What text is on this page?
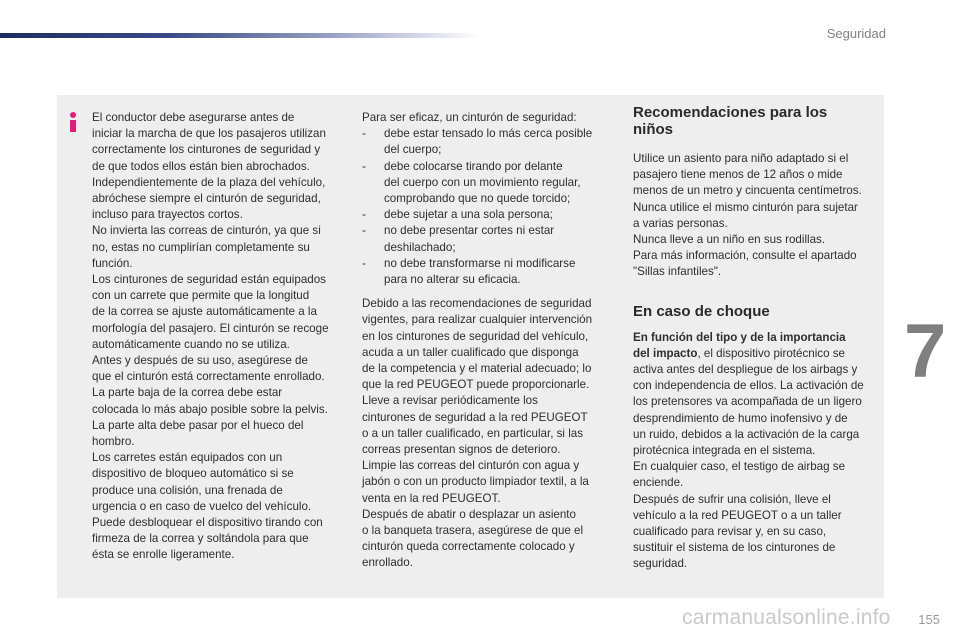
Seguridad
El conductor debe asegurarse antes de
iniciar la marcha de que los pasajeros utilizan
correctamente los cinturones de seguridad y
de que todos ellos están bien abrochados.
Independientemente de la plaza del vehículo,
abróchese siempre el cinturón de seguridad,
incluso para trayectos cortos.
No invierta las correas de cinturón, ya que si
no, estas no cumplirían completamente su
función.
Los cinturones de seguridad están equipados
con un carrete que permite que la longitud
de la correa se ajuste automáticamente a la
morfología del pasajero. El cinturón se recoge
automáticamente cuando no se utiliza.
Antes y después de su uso, asegúrese de
que el cinturón está correctamente enrollado.
La parte baja de la correa debe estar
colocada lo más abajo posible sobre la pelvis.
La parte alta debe pasar por el hueco del
hombro.
Los carretes están equipados con un
dispositivo de bloqueo automático si se
produce una colisión, una frenada de
urgencia o en caso de vuelco del vehículo.
Puede desbloquear el dispositivo tirando con
firmeza de la correa y soltándola para que
ésta se enrolle ligeramente.
Para ser eficaz, un cinturón de seguridad:
-	debe estar tensado lo más cerca posible
del cuerpo;
-	debe colocarse tirando por delante
del cuerpo con un movimiento regular,
comprobando que no quede torcido;
-	debe sujetar a una sola persona;
-	no debe presentar cortes ni estar
deshilachado;
-	no debe transformarse ni modificarse
para no alterar su eficacia.
Debido a las recomendaciones de seguridad
vigentes, para realizar cualquier intervención
en los cinturones de seguridad del vehículo,
acuda a un taller cualificado que disponga
de la competencia y el material adecuado; lo
que la red PEUGEOT puede proporcionarle.
Lleve a revisar periódicamente los
cinturones de seguridad a la red PEUGEOT
o a un taller cualificado, en particular, si las
correas presentan signos de deterioro.
Limpie las correas del cinturón con agua y
jabón o con un producto limpiador textil, a la
venta en la red PEUGEOT.
Después de abatir o desplazar un asiento
o la banqueta trasera, asegúrese de que el
cinturón queda correctamente colocado y
enrollado.
Recomendaciones para los
niños
Utilice un asiento para niño adaptado si el
pasajero tiene menos de 12 años o mide
menos de un metro y cincuenta centímetros.
Nunca utilice el mismo cinturón para sujetar
a varias personas.
Nunca lleve a un niño en sus rodillas.
Para más información, consulte el apartado
"Sillas infantiles".
En caso de choque
En función del tipo y de la importancia
del impacto, el dispositivo pirotécnico se
activa antes del despliegue de los airbags y
con independencia de ellos. La activación de
los pretensores va acompañada de un ligero
desprendimiento de humo inofensivo y de
un ruido, debidos a la activación de la carga
pirotécnica integrada en el sistema.
En cualquier caso, el testigo de airbag se
enciende.
Después de sufrir una colisión, lleve el
vehículo a la red PEUGEOT o a un taller
cualificado para revisar y, en su caso,
sustituir el sistema de los cinturones de
seguridad.
7
carmanualsonline.info 155
